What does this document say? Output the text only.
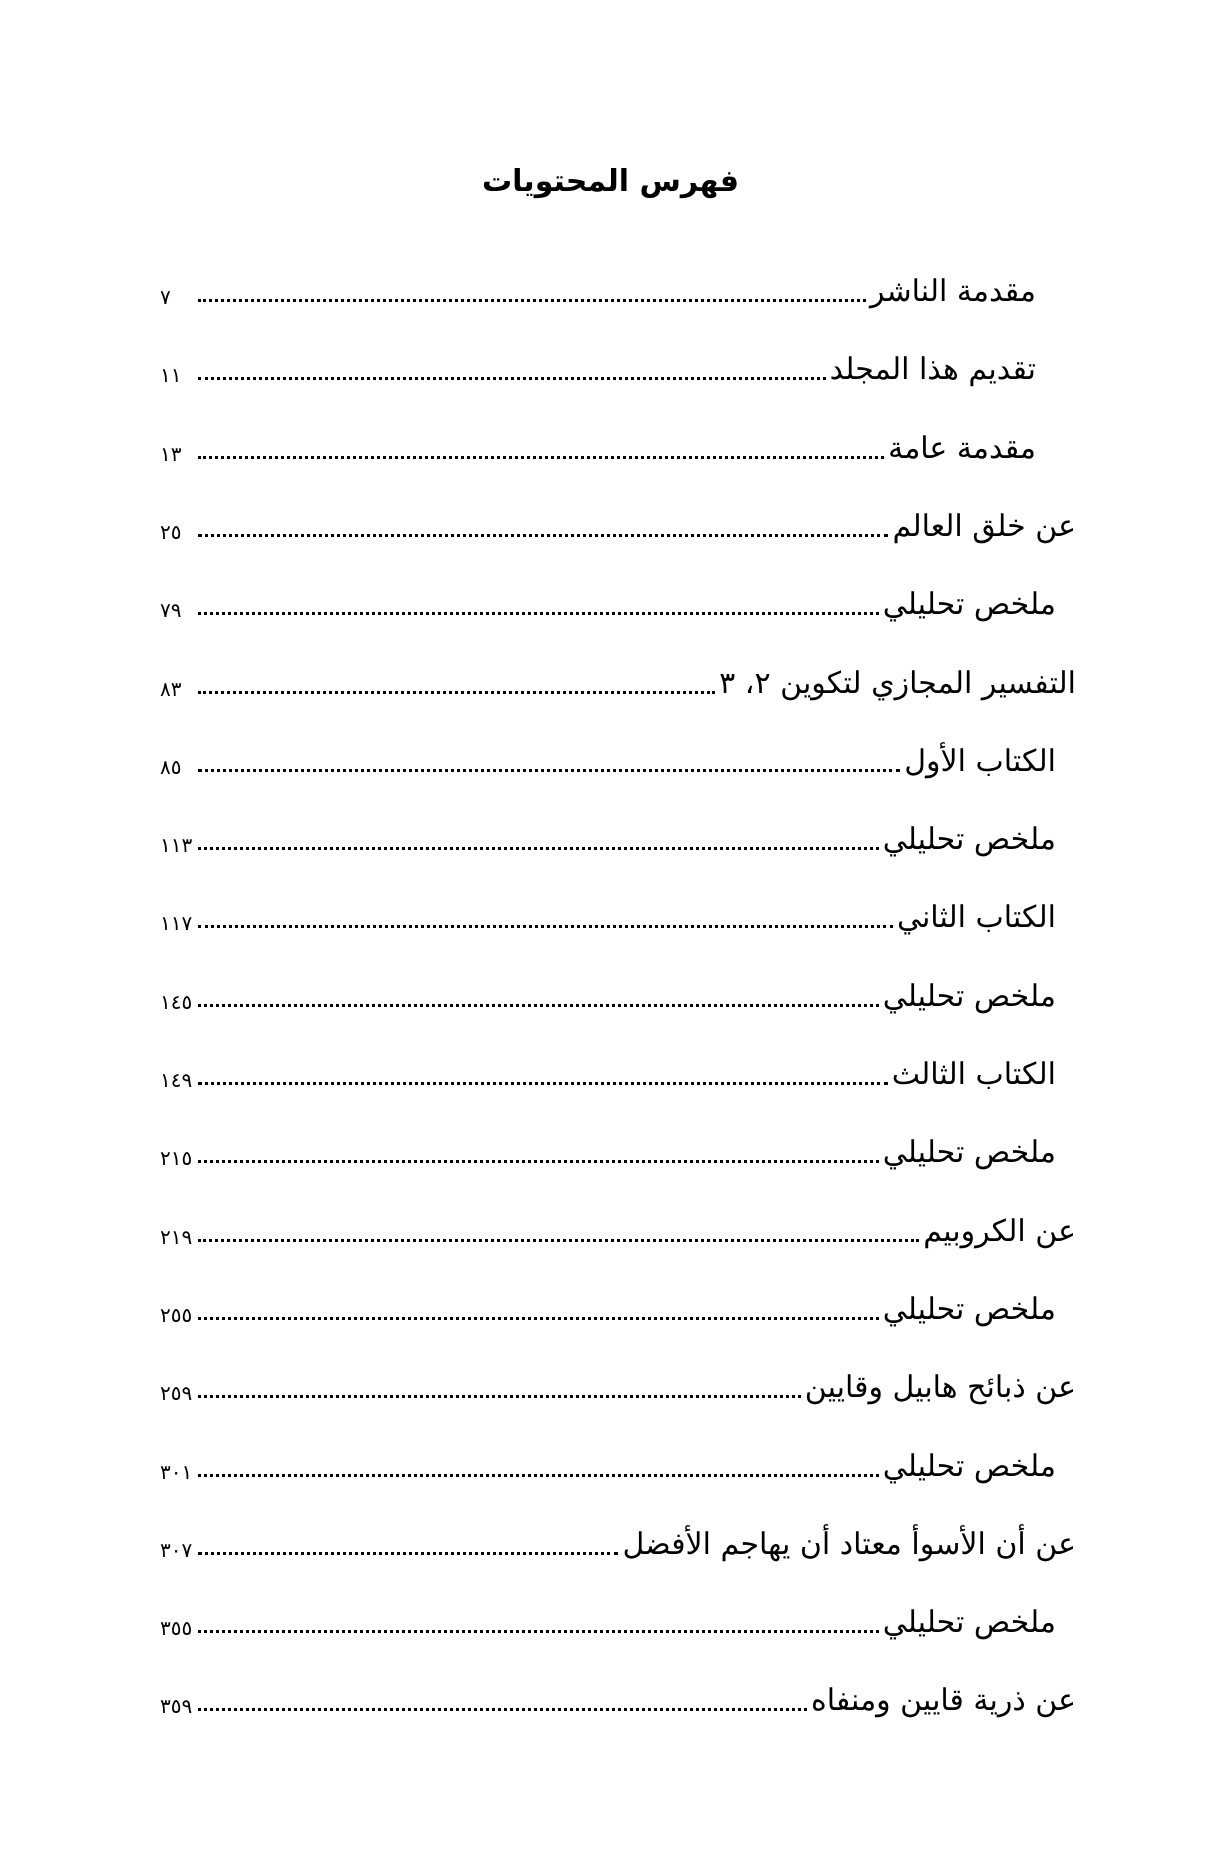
فهرس المحتويات
مقدمة الناشر
٧
تقديم هذا المجلد
١١
مقدمة عامة
١٣
عن خلق العالم
٢٥
ملخص تحليلي
٧٩
التفسير المجازي لتكوين ٢، ٣
٨٣
الكتاب الأول
٨٥
ملخص تحليلي
١١٣
الكتاب الثاني
١١٧
ملخص تحليلي
١٤٥
الكتاب الثالث
١٤٩
ملخص تحليلي
٢١٥
عن الكروبيم
٢١٩
ملخص تحليلي
٢٥٥
عن ذبائح هابيل وقايين
٢٥٩
ملخص تحليلي
٣٠١
عن أن الأسوأ معتاد أن يهاجم الأفضل
٣٠٧
ملخص تحليلي
٣٥٥
عن ذرية قايين ومنفاه
٣٥٩
